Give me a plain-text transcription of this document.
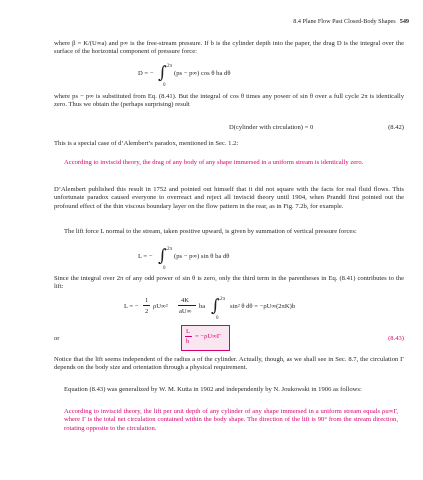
8.4 Plane Flow Past Closed-Body Shapes 549

where β = K/(U∞a) and p∞ is the free-stream pressure. If b is the cylinder depth into the paper, the drag D is the integral over the surface of the horizontal component of pressure force:

D = − ∫ 2π
0
(ps − p∞) cos θ ba dθ

where ps − p∞ is substituted from Eq. (8.41). But the integral of cos θ times any power of sin θ over a full cycle 2π is identically zero. Thus we obtain the (perhaps surprising) result

D(cylinder with circulation) = 0	(8.42)

This is a special case of d’Alembert’s paradox, mentioned in Sec. 1.2:

According to inviscid theory, the drag of any body of any shape immersed in a uniform stream is identically zero.

D’Alembert published this result in 1752 and pointed out himself that it did not square with the facts for real fluid flows. This unfortunate paradox caused everyone to overreact and reject all inviscid theory until 1904, when Prandtl first pointed out the profound effect of the thin viscous boundary layer on the flow pattern in the rear, as in Fig. 7.2b, for example.

The lift force L normal to the stream, taken positive upward, is given by summation of vertical pressure forces:

L = − ∫ 2π
0
(ps − p∞) sin θ ba dθ

Since the integral over 2π of any odd power of sin θ is zero, only the third term in the parentheses in Eq. (8.41) contributes to the lift:

L = −
1
2
ρU∞²
4K
aU∞
ba ∫ 2π
0
sin² θ dθ = −ρU∞(2πK)b
or
L
b
= −ρU∞Γ	(8.43)

Notice that the lift seems independent of the radius a of the cylinder. Actually, though, as we shall see in Sec. 8.7, the circulation Γ depends on the body size and orientation through a physical requirement.

Equation (8.43) was generalized by W. M. Kutta in 1902 and independently by N. Joukowski in 1906 as follows:

According to inviscid theory, the lift per unit depth of any cylinder of any shape immersed in a uniform stream equals ρu∞Γ, where Γ is the total net circulation contained within the body shape. The direction of the lift is 90° from the stream direction, rotating opposite to the circulation.
